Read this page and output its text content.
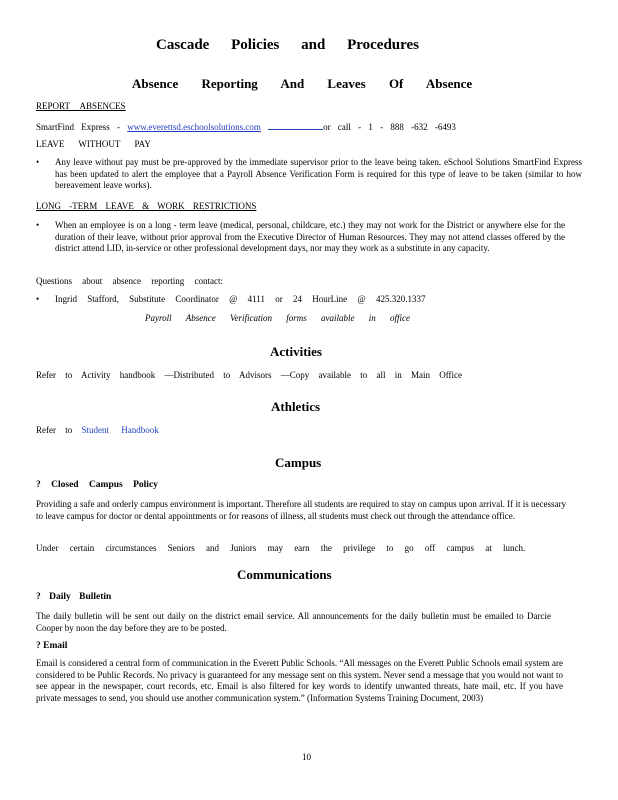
Cascade Policies and Procedures
Absence Reporting And Leaves Of Absence
REPORT ABSENCES
SmartFind Express - www.everettsd.eschoolsolutions.com	or call - 1 - 888 -632 -6493
LEAVE WITHOUT PAY
• Any leave without pay must be pre-approved by the immediate supervisor prior to the leave being taken. eSchool Solutions SmartFind Express has been updated to alert the employee that a Payroll Absence Verification Form is required for this type of leave to be taken (similar to how bereavement leave works).

LONG -TERM LEAVE & WORK RESTRICTIONS
• When an employee is on a long - term leave (medical, personal, childcare, etc.) they may not work for the District or anywhere else for the duration of their leave, without prior approval from the Executive Director of Human Resources. They may not attend classes offered by the district attend LID, in-service or other professional development days, nor may they work as a substitute in any capacity.

Questions about absence reporting contact:
• Ingrid Stafford, Substitute Coordinator @ 4111 or 24 HourLine @ 425.320.1337
Payroll Absence Verification forms available in office
Activities
Refer to Activity handbook —Distributed to Advisors —Copy available to all in Main Office
Athletics
Refer to Student Handbook
Campus
? Closed Campus Policy

Providing a safe and orderly campus environment is important. Therefore all students are required to stay on campus upon arrival. If it is necessary to leave campus for doctor or dental appointments or for reasons of illness, all students must check out through the attendance office.

Under certain circumstances Seniors and Juniors may earn the privilege to go off campus at lunch.
Communications
? Daily Bulletin

The daily bulletin will be sent out daily on the district email service. All announcements for the daily bulletin must be emailed to Darcie Cooper by noon the day before they are to be posted.

? Email

Email is considered a central form of communication in the Everett Public Schools. “All messages on the Everett Public Schools email system are considered to be Public Records. No privacy is guaranteed for any message sent on this system. Never send a message that you would not want to see appear in the newspaper, court records, etc. Email is also filtered for key words to identify unwanted threats, hate mail, etc. If you have private messages to send, you should use another communication system.” (Information Systems Training Document, 2003)

10
